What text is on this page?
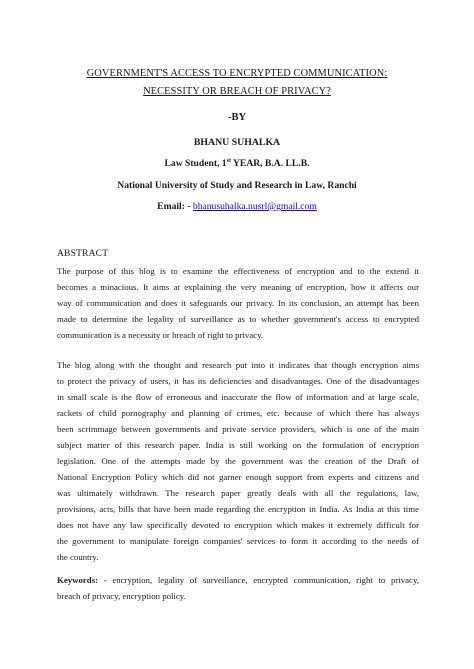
GOVERNMENT'S ACCESS TO ENCRYPTED COMMUNICATION:
NECESSITY OR BREACH OF PRIVACY?
-BY
BHANU SUHALKA
Law Student, 1st YEAR, B.A. LL.B.
National University of Study and Research in Law, Ranchi
Email: - bhanusuhalka.nusrl@gmail.com
ABSTRACT
The purpose of this blog is to examine the effectiveness of encryption and to the extend it
becomes a minacious. It aims at explaining the very meaning of encryption, how it affects our
way of communication and does it safeguards our privacy. In its conclusion, an attempt has been
made to determine the legality of surveillance as to whether government's access to encrypted
communication is a necessity or breach of right to privacy.
The blog along with the thought and research put into it indicates that though encryption aims
to protect the privacy of users, it has its deficiencies and disadvantages. One of the disadvantages
in small scale is the flow of erroneous and inaccurate the flow of information and at large scale,
rackets of child pornography and planning of crimes, etc. because of which there has always
been scrimmage between governments and private service providers, which is one of the main
subject matter of this research paper. India is still working on the formulation of encryption
legislation. One of the attempts made by the government was the creation of the Draft of
National Encryption Policy which did not garner enough support from experts and citizens and
was ultimately withdrawn. The research paper greatly deals with all the regulations, law,
provisions, acts, bills that have been made regarding the encryption in India. As India at this time
does not have any law specifically devoted to encryption which makes it extremely difficult for
the government to manipulate foreign companies' services to form it according to the needs of
the country.
Keywords: - encryption, legality of surveillance, encrypted communication, right to privacy,
breach of privacy, encryption policy.
